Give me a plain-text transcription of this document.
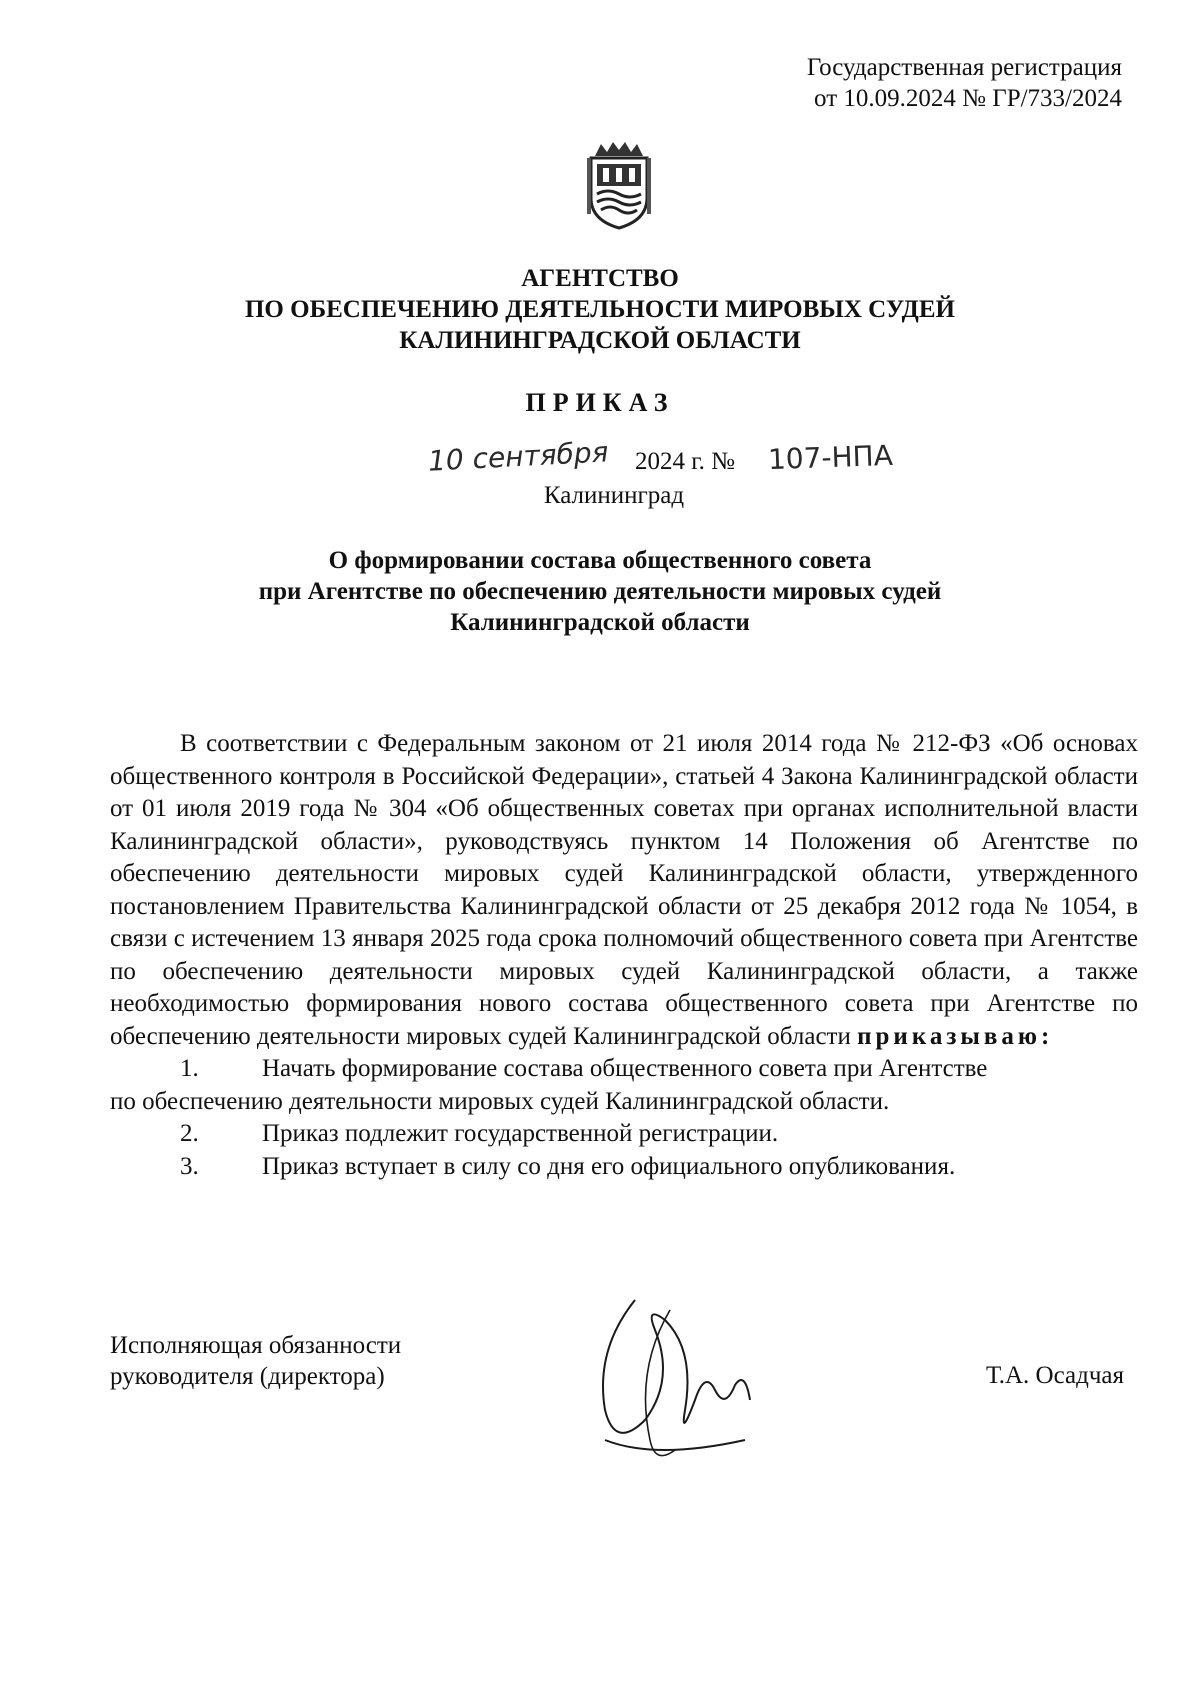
Государственная регистрация
от 10.09.2024 № ГР/733/2024
АГЕНТСТВО
ПО ОБЕСПЕЧЕНИЮ ДЕЯТЕЛЬНОСТИ МИРОВЫХ СУДЕЙ
КАЛИНИНГРАДСКОЙ ОБЛАСТИ
ПРИКАЗ
10 сентября 2024 г. № 107-НПА
Калининград
О формировании состава общественного совета
при Агентстве по обеспечению деятельности мировых судей
Калининградской области

В соответствии с Федеральным законом от 21 июля 2014 года № 212-ФЗ «Об основах общественного контроля в Российской Федерации», статьей 4 Закона Калининградской области от 01 июля 2019 года № 304 «Об общественных советах при органах исполнительной власти Калининградской области», руководствуясь пунктом 14 Положения об Агентстве по обеспечению деятельности мировых судей Калининградской области, утвержденного постановлением Правительства Калининградской области от 25 декабря 2012 года № 1054, в связи с истечением 13 января 2025 года срока полномочий общественного совета при Агентстве по обеспечению деятельности мировых судей Калининградской области, а также необходимостью формирования нового состава общественного совета при Агентстве по обеспечению деятельности мировых судей Калининградской области приказываю:

1.	Начать формирование состава общественного совета при Агентстве

по обеспечению деятельности мировых судей Калининградской области.

2.	Приказ подлежит государственной регистрации.

3.	Приказ вступает в силу со дня его официального опубликования.

Исполняющая обязанности
руководителя (директора)	Т.А. Осадчая
